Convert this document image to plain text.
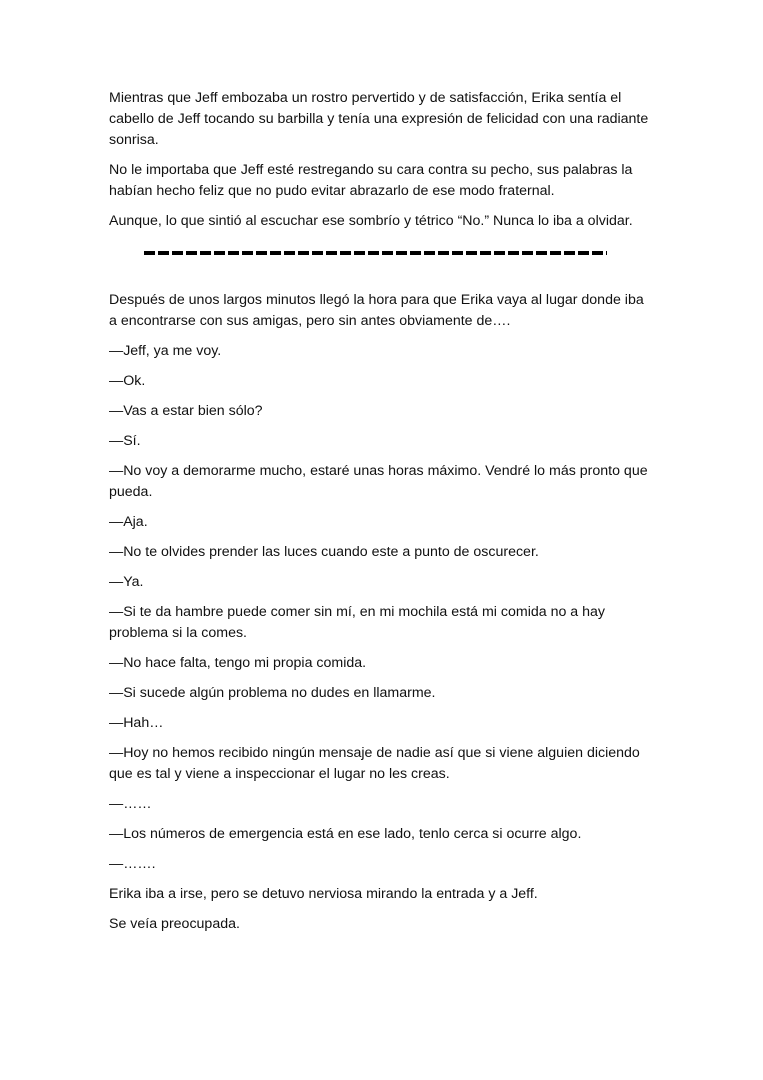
Mientras que Jeff embozaba un rostro pervertido y de satisfacción, Erika sentía el cabello de Jeff tocando su barbilla y tenía una expresión de felicidad con una radiante sonrisa.

No le importaba que Jeff esté restregando su cara contra su pecho, sus palabras la habían hecho feliz que no pudo evitar abrazarlo de ese modo fraternal.

Aunque, lo que sintió al escuchar ese sombrío y tétrico “No.” Nunca lo iba a olvidar.

Después de unos largos minutos llegó la hora para que Erika vaya al lugar donde iba a encontrarse con sus amigas, pero sin antes obviamente de….

—Jeff, ya me voy.

—Ok.

—Vas a estar bien sólo?

—Sí.

—No voy a demorarme mucho, estaré unas horas máximo. Vendré lo más pronto que pueda.

—Aja.

—No te olvides prender las luces cuando este a punto de oscurecer.

—Ya.

—Si te da hambre puede comer sin mí, en mi mochila está mi comida no a hay problema si la comes.

—No hace falta, tengo mi propia comida.

—Si sucede algún problema no dudes en llamarme.

—Hah…

—Hoy no hemos recibido ningún mensaje de nadie así que si viene alguien diciendo que es tal y viene a inspeccionar el lugar no les creas.

—……

—Los números de emergencia está en ese lado, tenlo cerca si ocurre algo.

—…….

Erika iba a irse, pero se detuvo nerviosa mirando la entrada y a Jeff.

Se veía preocupada.
